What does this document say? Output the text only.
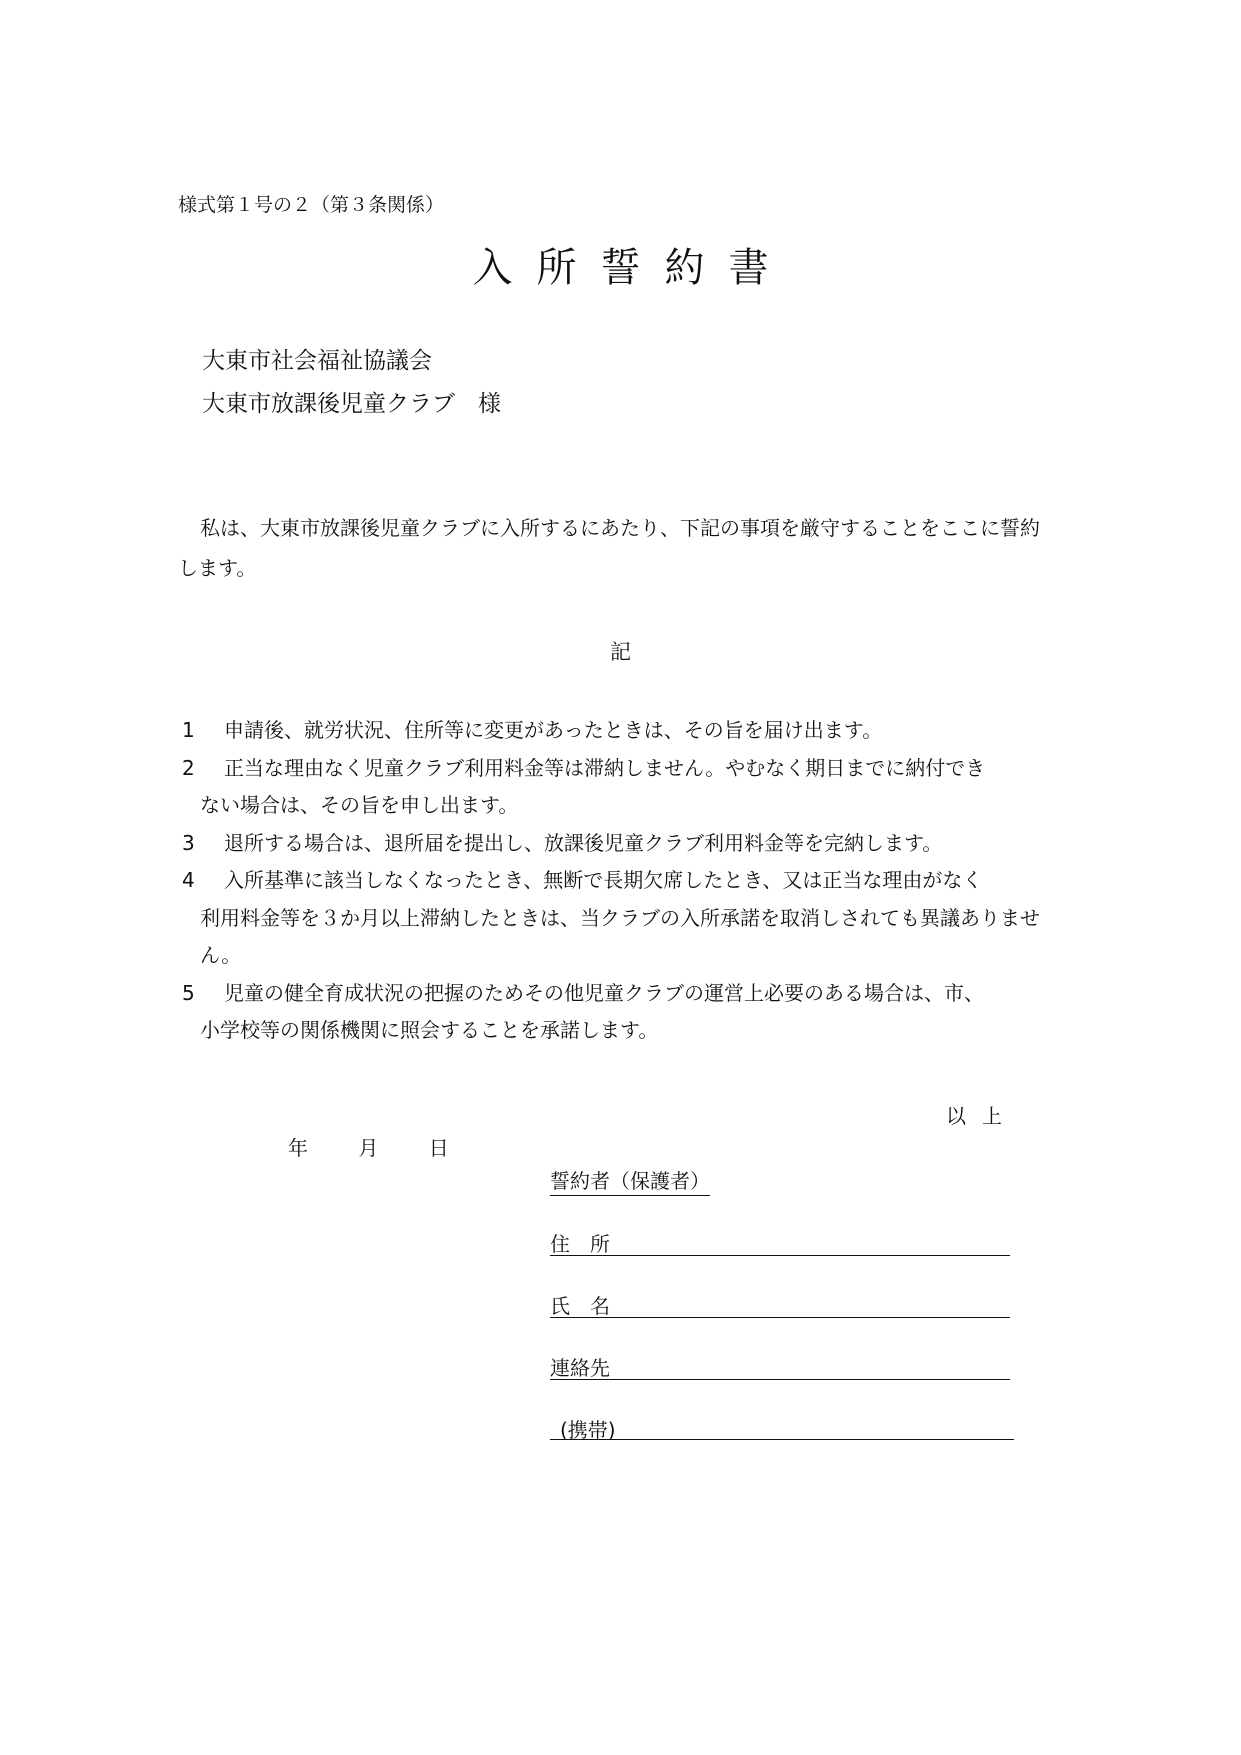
様式第１号の２（第３条関係）
入所誓約書
大東市社会福祉協議会
大東市放課後児童クラブ　様
私は、大東市放課後児童クラブに入所するにあたり、下記の事項を厳守することをここに誓約します。
記
1	申請後、就労状況、住所等に変更があったときは、その旨を届け出ます。
2	正当な理由なく児童クラブ利用料金等は滞納しません。やむなく期日までに納付でき
ない場合は、その旨を申し出ます。
3	退所する場合は、退所届を提出し、放課後児童クラブ利用料金等を完納します。
4	入所基準に該当しなくなったとき、無断で長期欠席したとき、又は正当な理由がなく
利用料金等を３か月以上滞納したときは、当クラブの入所承諾を取消しされても異議ありません。
5	児童の健全育成状況の把握のためその他児童クラブの運営上必要のある場合は、市、
小学校等の関係機関に照会することを承諾します。
以上
年	月	日
誓約者（保護者）
住　所
氏　名
連絡先
(携帯)
